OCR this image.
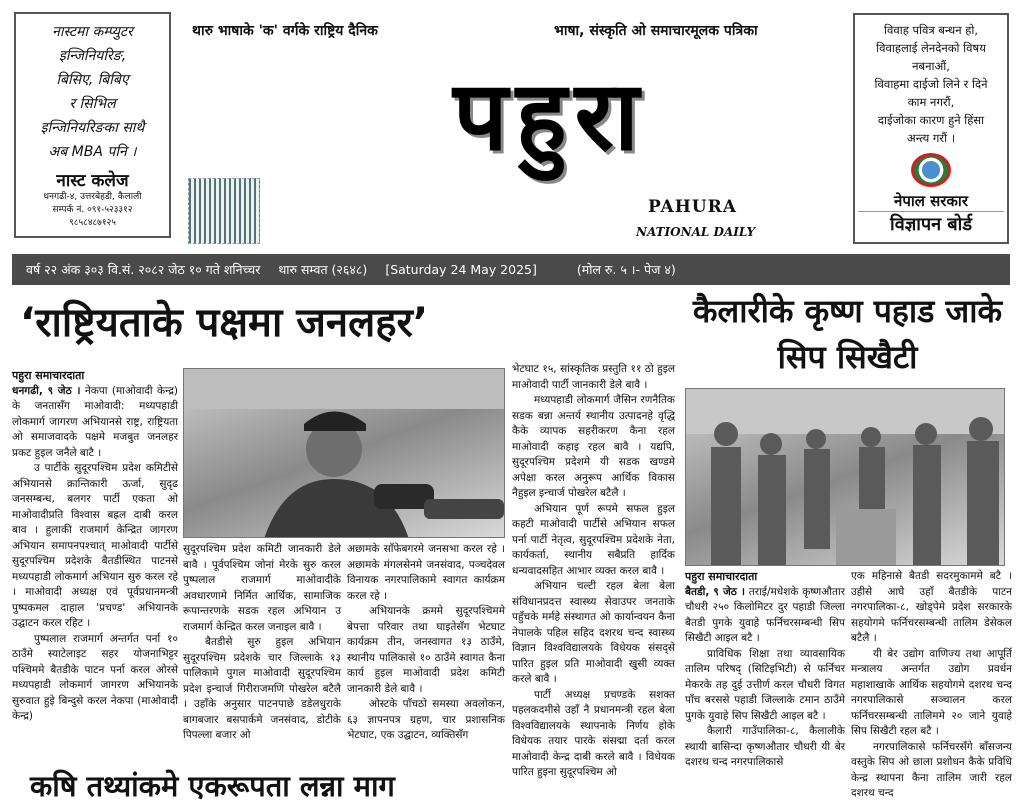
नास्टमा कम्प्युटर
इन्जिनियरिङ,
बिसिए, बिबिए
र सिभिल
इन्जिनियरिङका साथै
अब MBA पनि ।
नास्ट कलेज
धनगढी-४, उत्तरबेहडी, कैलाली
सम्पर्क नं. ०९१-५२३३१२
९८५८४८७१२५
थारु भाषाके 'क' वर्गके राष्ट्रिय दैनिक	भाषा, संस्कृति ओ समाचारमूलक पत्रिका
पहुरा
PAHURA
NATIONAL DAILY
विवाह पवित्र बन्धन हो,
विवाहलाई लेनदेनको विषय
नबनाऔं,
विवाहमा दाईजो लिने र दिने
काम नगरौं,
दाईजोका कारण हुने हिंसा
अन्त्य गरौं ।
नेपाल सरकार
विज्ञापन बोर्ड
वर्ष २२ अंक ३०३ वि.सं. २०८२ जेठ १० गते शनिच्चर थारु सम्वत (२६४८) [Saturday 24 May 2025]	(मोल रु. ५ ।- पेज ४)
‘राष्ट्रियताके पक्षमा जनलहर’	कैलारीके कृष्ण पहाड जाके सिप सिखैटी
पहुरा समाचारदाता

धनगढी, ९ जेठ । नेकपा (माओवादी केन्द्र) के जनतासँग माओवादी: मध्यपहाडी लोकमार्ग जागरण अभियानसे राष्ट्र, राष्ट्रियता ओ समाजवादके पक्षमे मजबुत जनलहर प्रकट हुइल जनैले बाटै ।

उ पार्टीके सुदूरपश्चिम प्रदेश कमिटीसे अभियानसे क्रान्तिकारी ऊर्जा, सुदृढ जनसम्बन्ध, बलगर पार्टी एकता ओ माओवादीप्रति विश्वास बह्रल दाबी करल बाव । हुलाकी राजमार्ग केन्द्रित जागरण अभियान समापनपश्चात् माओवादी पार्टीसे सुदूरपश्चिम प्रदेशके बैतडीस्थित पाटनसे मध्यपहाडी लोकमार्ग अभियान सुरु करल रहे । माओवादी अध्यक्ष एवं पूर्वप्रधानमन्त्री पुष्पकमल दाहाल 'प्रचण्ड' अभियानके उद्घाटन करल रहिट ।

पुष्पलाल राजमार्ग अन्तर्गत पर्ना १० ठाउँमे स्याटेलाइट सहर योजनाभिट्टर पश्चिममे बैतडीके पाटन पर्ना करल ओरसे मध्यपहाडी लोकमार्ग जागरण अभियानके सुरुवात हुइे बिन्दुसे करल नेकपा (माओवादी केन्द्र)

सुदूरपश्चिम प्रदेश कमिटी जानकारी डेले बावै । पूर्वपश्चिम जोनां मेरके सुरु करल पुष्पलाल राजमार्ग माओवादीके अवधारणामे निर्मित आर्थिक, सामाजिक रूपान्तरणके सडक रहल अभियान उ राजमार्ग केन्द्रित करल जनाइल बावै ।

बैतडीसे सुरु हुइल अभियान सुदूरपश्चिम प्रदेशके चार जिल्लाके १३ पालिकामे पुगल माओवादी सुदूरपश्चिम प्रदेश इन्चार्ज गिरीराजमणि पोखरेल बटैलै । उहाँके अनुसार पाटनपाछे डडेलधुराके बागबजार बसपार्कमे जनसंवाद, डोटीके पिपल्ला बजार ओ

अछामके साँफेबगरमे जनसभा करल रहे । अछामके मंगलसेनमे जनसंवाद, पञ्चदेवल विनायक नगरपालिकामे स्वागत कार्यक्रम करल रहे ।

अभियानके क्रममे सुदूरपश्चिममे बेपत्ता परिवार तथा घाइतेसँग भेटघाट कार्यक्रम तीन, जनस्वागत १३ ठाउँमे, स्थानीय पालिकासे १० ठाउँमे स्वागत कैना कार्य हुइल माओवादी प्रदेश कमिटी जानकारी डेले बावै ।

ओस्टके पाँचठो समस्या अवलोकन, ६३ ज्ञापनपत्र ग्रहण, चार प्रशासनिक भेटघाट, एक उद्घाटन, व्यक्तिसँग

भेटघाट १५, सांस्कृतिक प्रस्तुति ११ ठो हुइल माओवादी पार्टी जानकारी डेले बावै ।

मध्यपहाडी लोकमार्ग जैसिन रणनैतिक सडक बन्ना अन्तर्य स्थानीय उत्पादनहे वृद्धि कैके व्यापक सहरीकरण कैना रहल माओवादी कहाइ रहल बावै । यद्यपि, सुदूरपश्चिम प्रदेशमे यी सडक खण्डमे अपेक्षा करल अनुरूप आर्थिक विकास नैहुइल इन्चार्ज पोखरेल बटैलै ।

अभियान पूर्ण रूपमे सफल हुइल कहटी माओवादी पार्टीसे अभियान सफल पर्ना पार्टी नेतृत्व, सुदूरपश्चिम प्रदेशके नेता, कार्यकर्ता, स्थानीय सबैप्रति हार्दिक धन्यवादसहित आभार व्यक्त करल बावै ।

अभियान चल्टी रहल बेला बेला संविधानप्रदत्त स्वास्थ्य सेवाउपर जनताके पहुँचके मर्महे संस्थागत ओ कार्यान्वयन कैना नेपालके पहिल सहिद दशरथ चन्द स्वास्थ्य विज्ञान विश्वविद्यालयके विधेयक संसद्से पारित हुइल प्रति माओवादी खुसी व्यक्त करले बावै ।

पार्टी अध्यक्ष प्रचण्डके सशक्त पहलकदमीसे उहाँ नै प्रधानमन्त्री रहल बेला विश्वविद्यालयके स्थापनाके निर्णय होके विधेयक तयार पारके संसद्मा दर्ता करल माओवादी केन्द्र दाबी करले बावै । विधेयक पारित हुइना सुदूरपश्चिम ओ

पहुरा समाचारदाता

बैतडी, ९ जेठ । तराई/मधेशके कृष्णऔतार चौधरी २५० किलोमिटर दुर पहाडी जिल्ला बैतडी पुगके युवाहे फर्निचरसम्बन्धी सिप सिखैटी आइल बटै ।

प्राविधिक शिक्षा तथा व्यावसायिक तालिम परिषद् (सिटिइभिटी) से फर्निचर मेकरके तह दुई उत्तीर्ण करल चौधरी विगत पाँच बरससे पहाडी जिल्लाके टमान ठाउँमे पुगके युवाहे सिप सिखैटी आइल बटै ।

कैलारी गाउँपालिका-८, कैलालीके स्थायी बासिन्दा कृष्णऔतार चौधरी यी बेर दशरथ चन्द नगरपालिकासे

एक महिनासे बैतडी सदरमुकाममे बटै । उहीसे आघे उहाँ बैतडीके पाटन नगरपालिका-८, खोड्पेमे प्रदेश सरकारके सहयोगमे फर्निचरसम्बन्धी तालिम डेसेकल बटैलै ।

यी बेर उद्योग वाणिज्य तथा आपूर्ति मन्त्रालय अन्तर्गत उद्योग प्रवर्धन महाशाखाके आर्थिक सहयोगमे दशरथ चन्द नगरपालिकासे सञ्चालन करल फर्निचरसम्बन्धी तालिममे २० जाने युवाहे सिप सिखैटी रहल बटै ।

नगरपालिकासे फर्निचरसँगे बाँसजन्य वस्तुके सिप ओ छाला प्रशोधन कैके प्रविधि केन्द्र स्थापना कैना तालिम जारी रहल दशरथ चन्द

कषि तथ्यांकमे एकरूपता लन्ना माग
